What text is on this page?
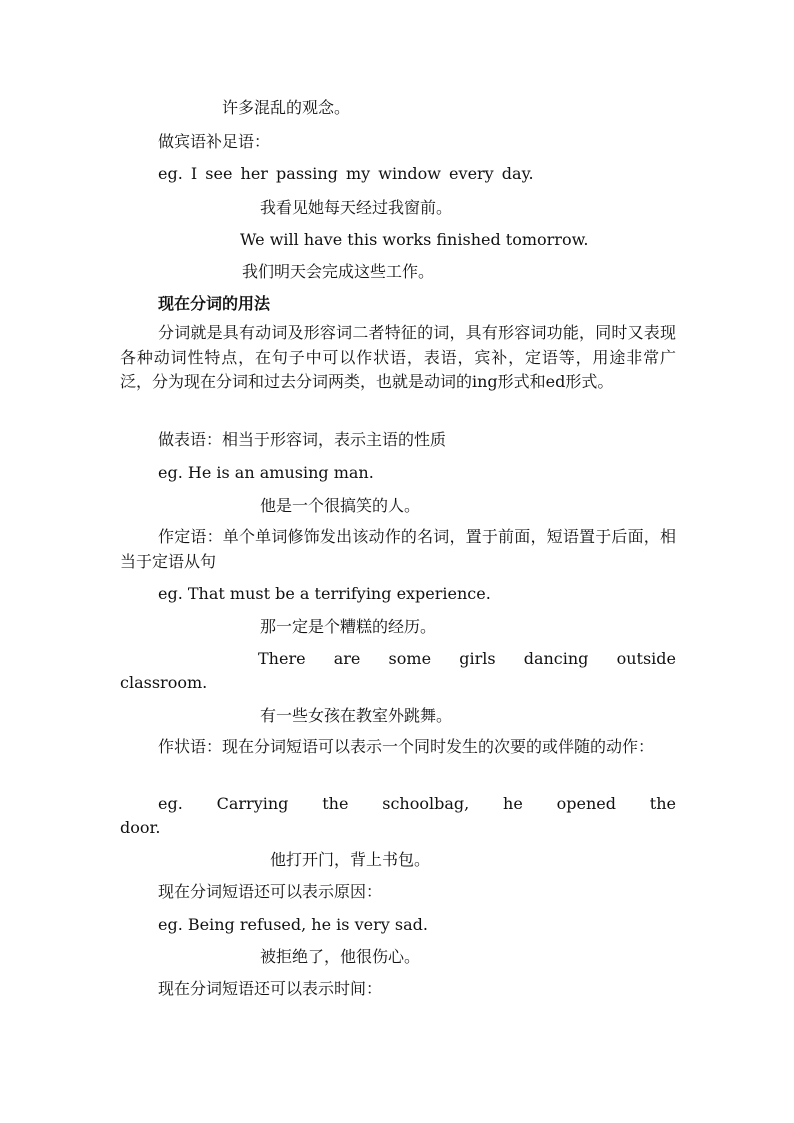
许多混乱的观念。

做宾语补足语：

eg. I see her passing my window every day.

我看见她每天经过我窗前。

We will have this works finished tomorrow.

我们明天会完成这些工作。

现在分词的用法

分词就是具有动词及形容词二者特征的词，具有形容词功能，同时又表现各种动词性特点，在句子中可以作状语，表语，宾补，定语等，用途非常广泛，分为现在分词和过去分词两类，也就是动词的ing形式和ed形式。

做表语：相当于形容词，表示主语的性质

eg. He is an amusing man.

他是一个很搞笑的人。

作定语：单个单词修饰发出该动作的名词，置于前面，短语置于后面，相当于定语从句

eg. That must be a terrifying experience.

那一定是个糟糕的经历。

There are some girls dancing outside

classroom.

有一些女孩在教室外跳舞。

作状语：现在分词短语可以表示一个同时发生的次要的或伴随的动作：

eg. Carrying the schoolbag, he opened the

door.

他打开门，背上书包。

现在分词短语还可以表示原因：

eg. Being refused, he is very sad.

被拒绝了，他很伤心。

现在分词短语还可以表示时间：
